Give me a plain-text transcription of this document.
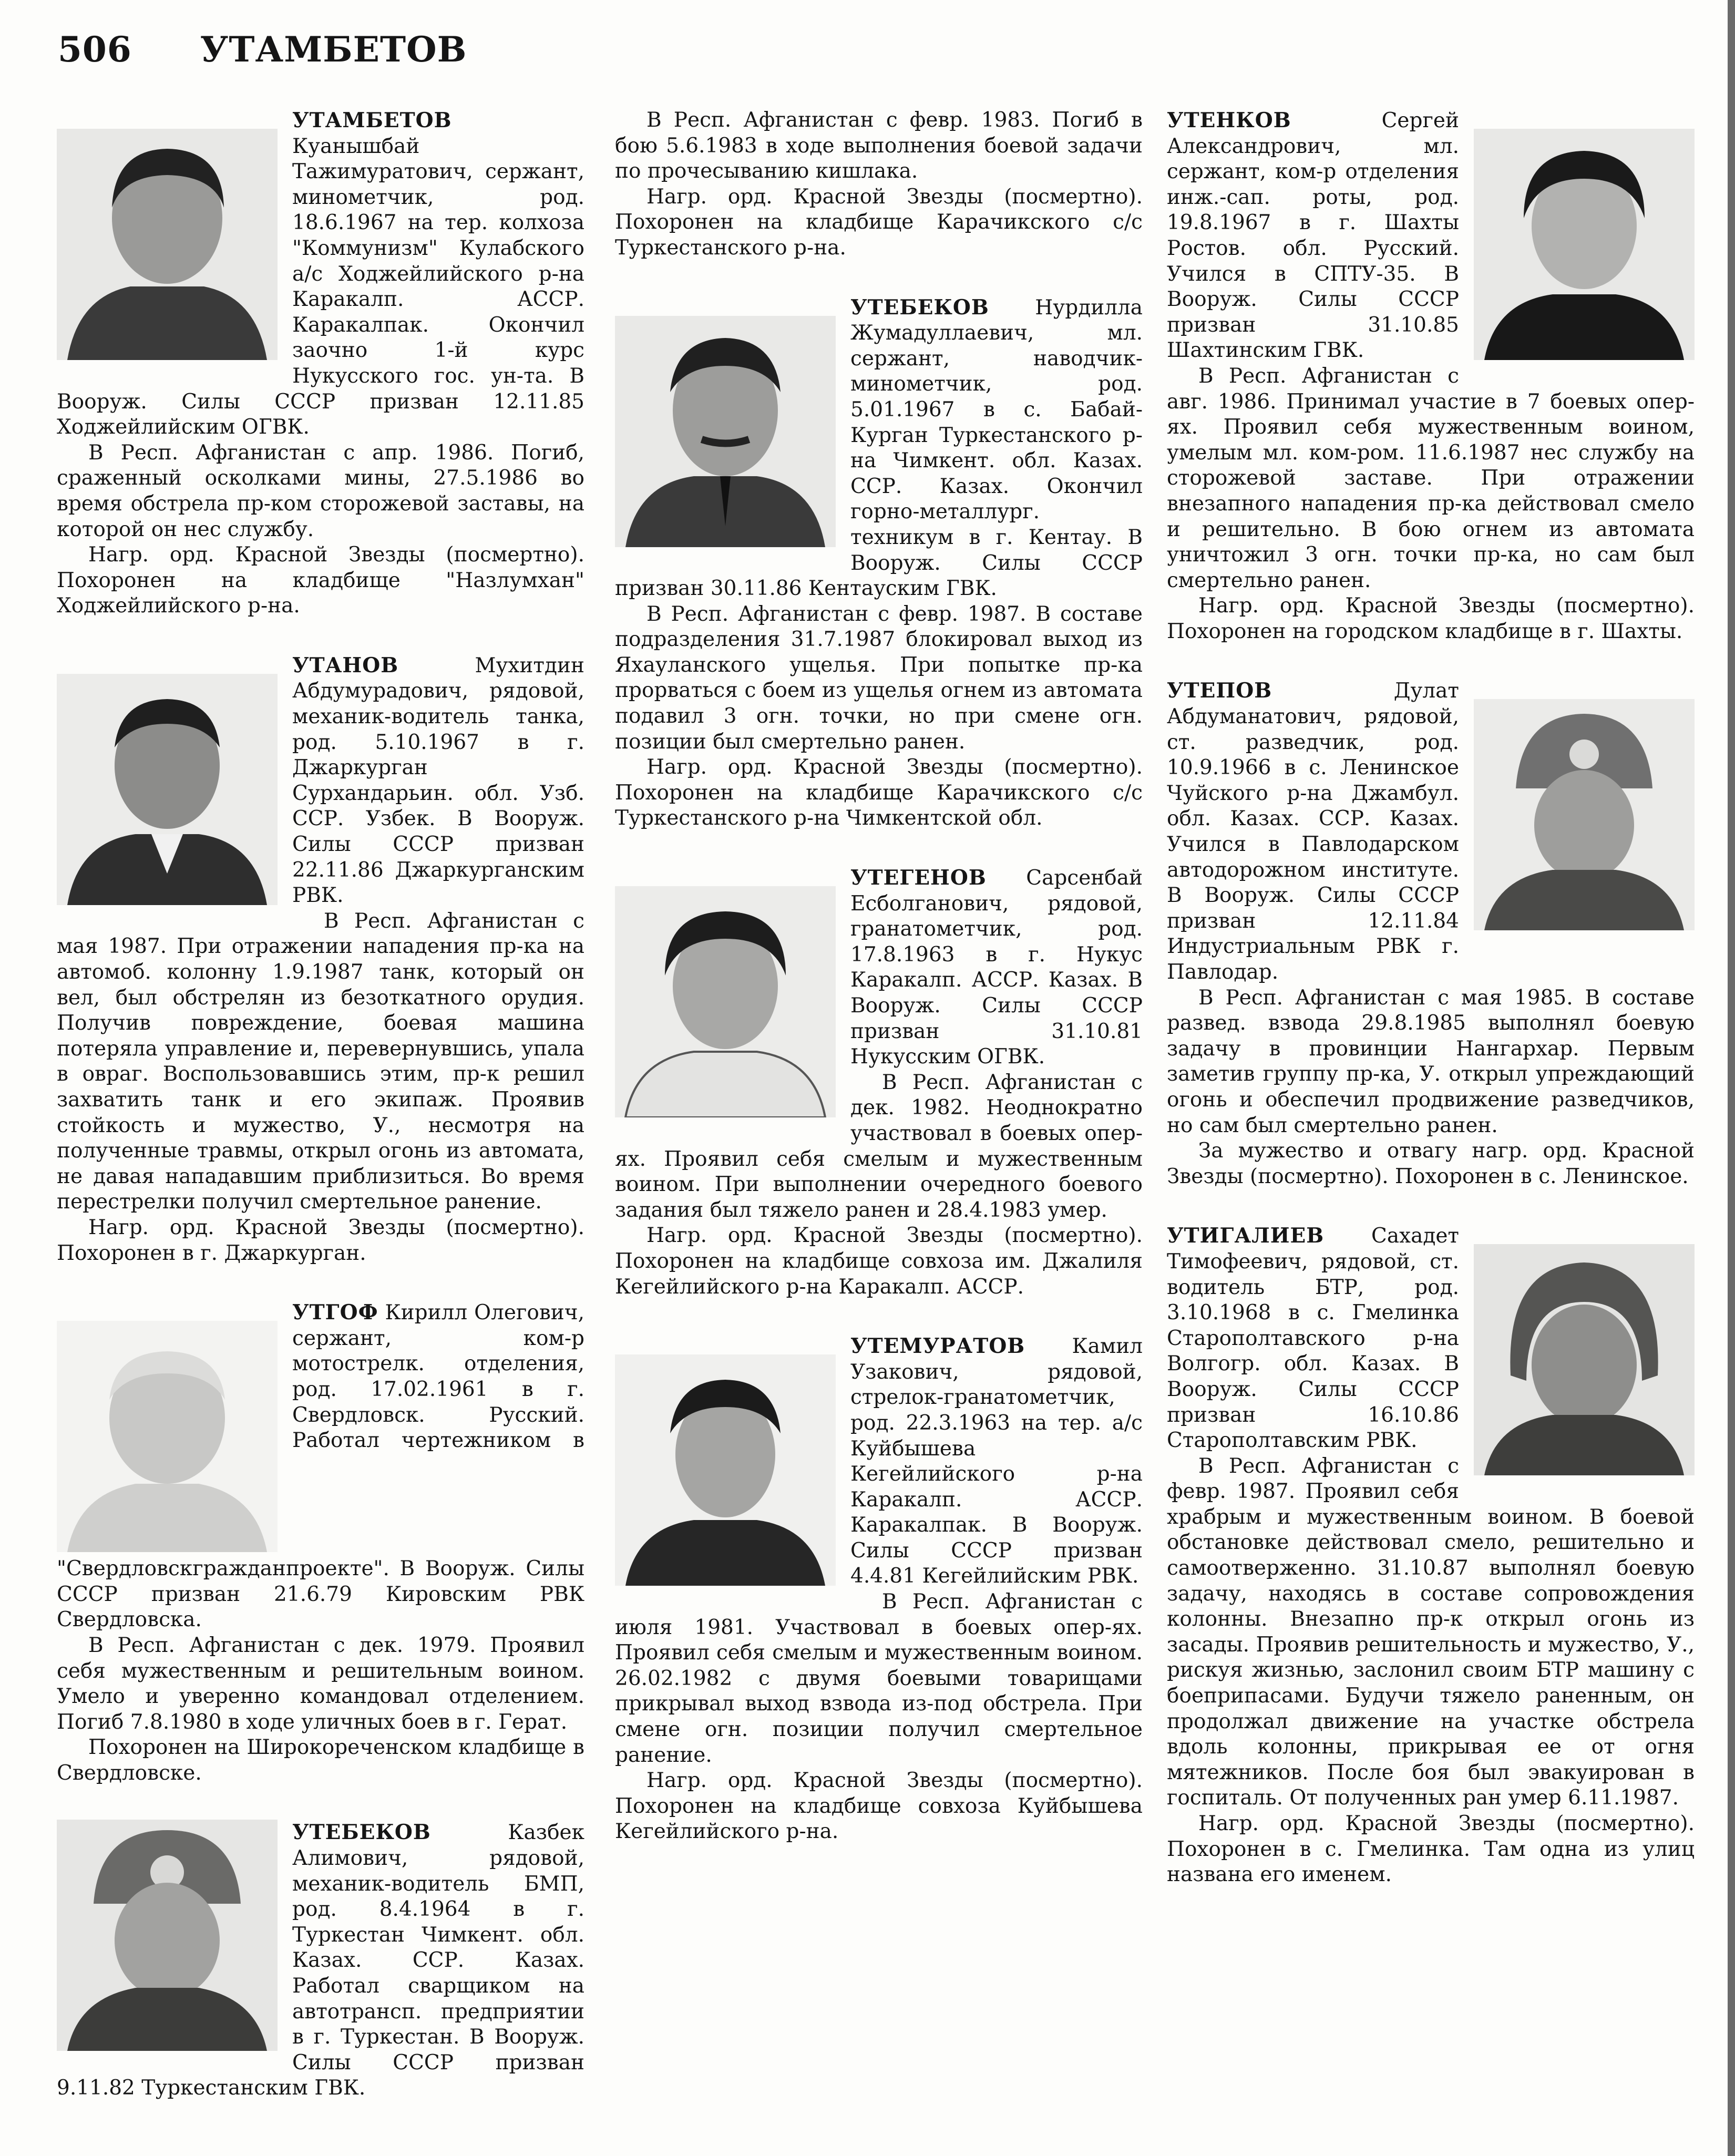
506 УТАМБЕТОВ

УТАМБЕТОВ
Куанышбай Тажимуратович, сержант, минометчик, род. 18.6.1967 на тер. колхоза "Коммунизм" Кулабского а/с Ходжейлийского р-на Каракалп. АССР. Каракалпак. Окончил заочно 1-й курс Нукусского гос. ун-та. В Вооруж. Силы СССР призван 12.11.85 Ходжейлийским ОГВК.

В Респ. Афганистан с апр. 1986. Погиб, сраженный осколками мины, 27.5.1986 во время обстрела пр-ком сторожевой заставы, на которой он нес службу.

Нагр. орд. Красной Звезды (посмертно). Похоронен на кладбище "Назлумхан" Ходжейлийского р-на.

УТАНОВ	Мухитдин Абдумурадович, рядовой, механик-водитель танка, род. 5.10.1967 в г. Джаркурган Сурхандарьин. обл. Узб. ССР. Узбек. В Вооруж. Силы СССР призван 22.11.86 Джаркурганским РВК.

В Респ. Афганистан с мая 1987. При отражении нападения пр-ка на автомоб. колонну 1.9.1987 танк, который он вел, был обстрелян из безоткатного орудия. Получив повреждение, боевая машина потеряла управление и, перевернувшись, упала в овраг. Воспользовавшись этим, пр-к решил захватить танк и его экипаж. Проявив стойкость и мужество, У., несмотря на полученные травмы, открыл огонь из автомата, не давая нападавшим приблизиться. Во время перестрелки получил смертельное ранение.

Нагр. орд. Красной Звезды (посмертно). Похоронен в г. Джаркурган.

УТГОФ Кирилл Олегович, сержант, ком-р мотострелк. отделения, род. 17.02.1961 в г. Свердловск. Русский. Работал чертежником в "Свердловскгражданпроекте". В Вооруж. Силы СССР призван 21.6.79 Кировским РВК Свердловска.

В Респ. Афганистан с дек. 1979. Проявил себя мужественным и решительным воином. Умело и уверенно командовал отделением. Погиб 7.8.1980 в ходе уличных боев в г. Герат.

Похоронен на Широкореченском кладбище в Свердловске.

УТЕБЕКОВ	Казбек Алимович, рядовой, механик-водитель БМП, род. 8.4.1964 в г. Туркестан Чимкент. обл. Казах. ССР. Казах. Работал сварщиком на автотрансп. предприятии в г. Туркестан. В Вооруж. Силы СССР призван 9.11.82 Туркестанским ГВК.

В Респ. Афганистан с февр. 1983. Погиб в бою 5.6.1983 в ходе выполнения боевой задачи по прочесыванию кишлака.

Нагр. орд. Красной Звезды (посмертно). Похоронен на кладбище Карачикского с/с Туркестанского р-на.

УТЕБЕКОВ Нурдилла Жумадуллаевич, мл. сержант, наводчик-минометчик, род. 5.01.1967 в с. Бабай-Курган Туркестанского р-на Чимкент. обл. Казах. ССР. Казах. Окончил горно-металлург. техникум в г. Кентау. В Вооруж. Силы СССР призван 30.11.86 Кентауским ГВК.

В Респ. Афганистан с февр. 1987. В составе подразделения 31.7.1987 блокировал выход из Яхауланского ущелья. При попытке пр-ка прорваться с боем из ущелья огнем из автомата подавил 3 огн. точки, но при смене огн. позиции был смертельно ранен.

Нагр. орд. Красной Звезды (посмертно). Похоронен на кладбище Карачикского с/с Туркестанского р-на Чимкентской обл.

УТЕГЕНОВ Сарсенбай Есболганович, рядовой, гранатометчик, род. 17.8.1963 в г. Нукус Каракалп. АССР. Казах. В Вооруж. Силы СССР призван 31.10.81 Нукусским ОГВК.

В Респ. Афганистан с дек. 1982. Неоднократно участвовал в боевых опер-ях. Проявил себя смелым и мужественным воином. При выполнении очередного боевого задания был тяжело ранен и 28.4.1983 умер.

Нагр. орд. Красной Звезды (посмертно). Похоронен на кладбище совхоза им. Джалиля Кегейлийского р-на Каракалп. АССР.

УТЕМУРАТОВ Камил Узакович, рядовой, стрелок-гранатометчик, род. 22.3.1963 на тер. а/с Куйбышева Кегейлийского р-на Каракалп. АССР. Каракалпак. В Вооруж. Силы СССР призван 4.4.81 Кегейлийским РВК.

В Респ. Афганистан с июля 1981. Участвовал в боевых опер-ях. Проявил себя смелым и мужественным воином. 26.02.1982 с двумя боевыми товарищами прикрывал выход взвода из-под обстрела. При смене огн. позиции получил смертельное ранение.

Нагр. орд. Красной Звезды (посмертно). Похоронен на кладбище совхоза Куйбышева Кегейлийского р-на.

УТЕНКОВ	Сергей Александрович, мл. сержант, ком-р отделения инж.-сап. роты, род. 19.8.1967 в г. Шахты Ростов. обл. Русский. Учился в СПТУ-35. В Вооруж. Силы СССР призван 31.10.85 Шахтинским ГВК.

В Респ. Афганистан с авг. 1986. Принимал участие в 7 боевых опер-ях. Проявил себя мужественным воином, умелым мл. ком-ром. 11.6.1987 нес службу на сторожевой заставе. При отражении внезапного нападения пр-ка действовал смело и решительно. В бою огнем из автомата уничтожил 3 огн. точки пр-ка, но сам был смертельно ранен.

Нагр. орд. Красной Звезды (посмертно). Похоронен на городском кладбище в г. Шахты.

УТЕПОВ	Дулат Абдуманатович, рядовой, ст. разведчик, род. 10.9.1966 в с. Ленинское Чуйского р-на Джамбул. обл. Казах. ССР. Казах. Учился в Павлодарском автодорожном институте. В Вооруж. Силы СССР призван 12.11.84 Индустриальным РВК г. Павлодар.

В Респ. Афганистан с мая 1985. В составе развед. взвода 29.8.1985 выполнял боевую задачу в провинции Нангархар. Первым заметив группу пр-ка, У. открыл упреждающий огонь и обеспечил продвижение разведчиков, но сам был смертельно ранен.

За мужество и отвагу нагр. орд. Красной Звезды (посмертно). Похоронен в с. Ленинское.

УТИГАЛИЕВ Сахадет Тимофеевич, рядовой, ст. водитель БТР, род. 3.10.1968 в с. Гмелинка Старополтавского р-на Волгогр. обл. Казах. В Вооруж. Силы СССР призван 16.10.86 Старополтавским РВК.

В Респ. Афганистан с февр. 1987. Проявил себя храбрым и мужественным воином. В боевой обстановке действовал смело, решительно и самоотверженно. 31.10.87 выполнял боевую задачу, находясь в составе сопровождения колонны. Внезапно пр-к открыл огонь из засады. Проявив решительность и мужество, У., рискуя жизнью, заслонил своим БТР машину с боеприпасами. Будучи тяжело раненным, он продолжал движение на участке обстрела вдоль колонны, прикрывая ее от огня мятежников. После боя был эвакуирован в госпиталь. От полученных ран умер 6.11.1987.

Нагр. орд. Красной Звезды (посмертно). Похоронен в с. Гмелинка. Там одна из улиц названа его именем.
